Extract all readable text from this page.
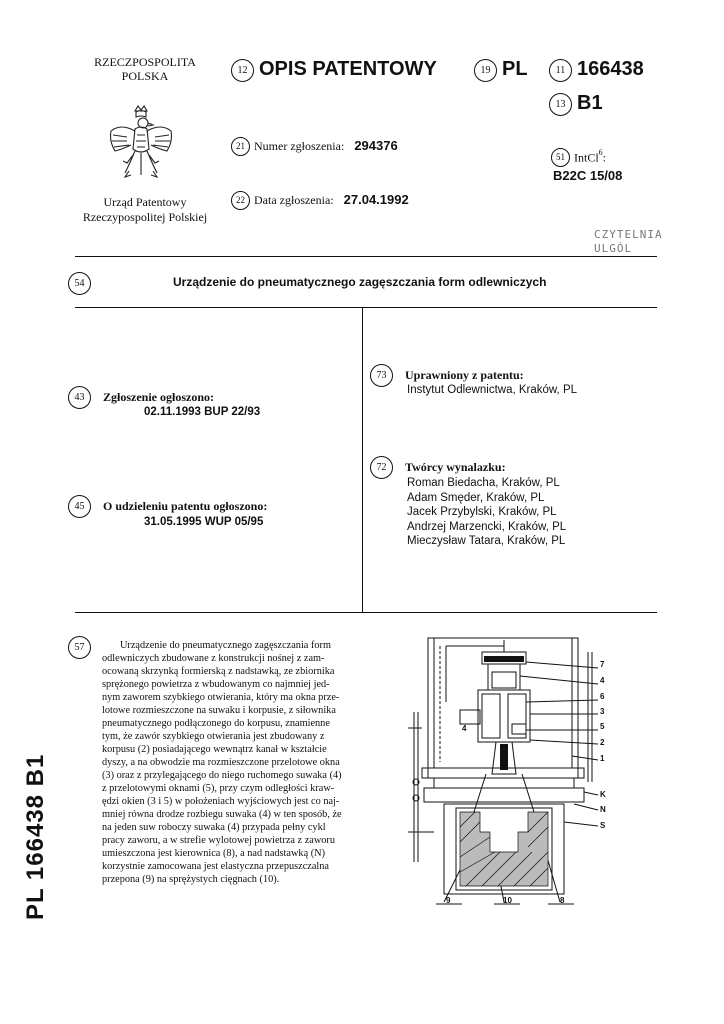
RZECZPOSPOLITA
POLSKA
Urząd Patentowy
Rzeczypospolitej Polskiej
12 OPIS PATENTOWY	19 PL	11 166438
13 B1
21 Numer zgłoszenia: 294376
22 Data zgłoszenia: 27.04.1992
51 IntCl$^6$:
B22C 15/08
CZYTELNIA
ULGÓL
54	Urządzenie do pneumatycznego zagęszczania form odlewniczych
43 Zgłoszenie ogłoszono:
02.11.1993 BUP 22/93
45 O udzieleniu patentu ogłoszono:
31.05.1995 WUP 05/95
73 Uprawniony z patentu:
Instytut Odlewnictwa, Kraków, PL
72 Twórcy wynalazku:
Roman Biedacha, Kraków, PL
Adam Smęder, Kraków, PL
Jacek Przybylski, Kraków, PL
Andrzej Marzencki, Kraków, PL
Mieczysław Tatara, Kraków, PL
PL 166438 B1
57	Urządzenie do pneumatycznego zagęszczania form

odlewniczych zbudowane z konstrukcji nośnej z zam-

ocowaną skrzynką formierską z nadstawką, ze zbiornika

sprężonego powietrza z wbudowanym co najmniej jed-

nym zaworem szybkiego otwierania, który ma okna prze-

lotowe rozmieszczone na suwaku i korpusie, z siłownika

pneumatycznego podłączonego do korpusu, znamienne

tym, że zawór szybkiego otwierania jest zbudowany z

korpusu (2) posiadającego wewnątrz kanał w kształcie

dyszy, a na obwodzie ma rozmieszczone przelotowe okna

(3) oraz z przylegającego do niego ruchomego suwaka (4)

z przelotowymi oknami (5), przy czym odległości kraw-

ędzi okien (3 i 5) w położeniach wyjściowych jest co naj-

mniej równa drodze rozbiegu suwaka (4) w ten sposób, że

na jeden suw roboczy suwaka (4) przypada pełny cykl

pracy zaworu, a w strefie wylotowej powietrza z zaworu

umieszczona jest kierownica (8), a nad nadstawką (N)

korzystnie zamocowana jest elastyczna przepuszczalna

przepona (9) na sprężystych cięgnach (10).

7
4
6
3
5
2
1
K
N
S
4
9	10	8
